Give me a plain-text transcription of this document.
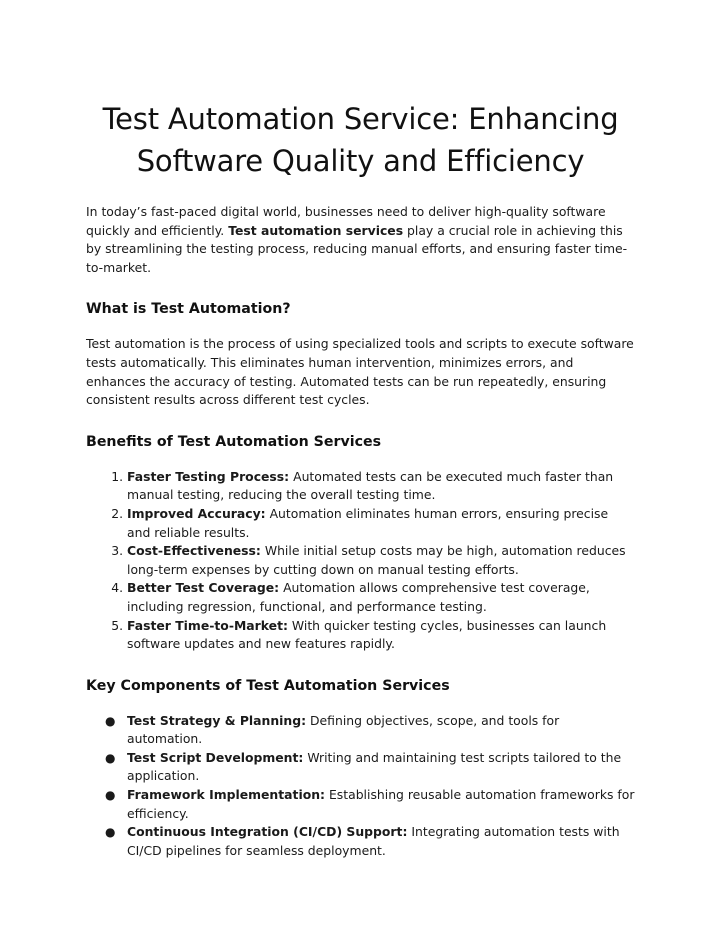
Test Automation Service: Enhancing
Software Quality and Efficiency

In today’s fast-paced digital world, businesses need to deliver high-quality software quickly and efficiently. Test automation services play a crucial role in achieving this by streamlining the testing process, reducing manual efforts, and ensuring faster time-to-market.

What is Test Automation?

Test automation is the process of using specialized tools and scripts to execute software tests automatically. This eliminates human intervention, minimizes errors, and enhances the accuracy of testing. Automated tests can be run repeatedly, ensuring consistent results across different test cycles.

Benefits of Test Automation Services
1. Faster Testing Process: Automated tests can be executed much faster than manual testing, reducing the overall testing time.
2. Improved Accuracy: Automation eliminates human errors, ensuring precise and reliable results.
3. Cost-Effectiveness: While initial setup costs may be high, automation reduces long-term expenses by cutting down on manual testing efforts.
4. Better Test Coverage: Automation allows comprehensive test coverage, including regression, functional, and performance testing.
5. Faster Time-to-Market: With quicker testing cycles, businesses can launch software updates and new features rapidly.
Key Components of Test Automation Services
● Test Strategy & Planning: Defining objectives, scope, and tools for automation.
● Test Script Development: Writing and maintaining test scripts tailored to the application.
● Framework Implementation: Establishing reusable automation frameworks for efficiency.
● Continuous Integration (CI/CD) Support: Integrating automation tests with CI/CD pipelines for seamless deployment.
